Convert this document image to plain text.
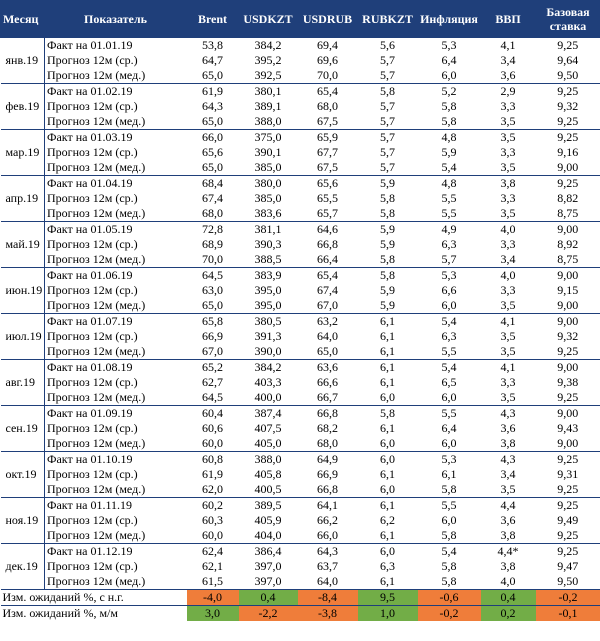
Месяц	Показатель	Brent	USDKZT	USDRUB	RUBKZT	Инфляция	ВВП	Базовая
ставка
янв.19	Факт на 01.01.19	53,8	384,2	69,4	5,6	5,3	4,1	9,25
	Прогноз 12м (ср.)	64,7	395,2	69,6	5,7	6,4	3,4	9,64
	Прогноз 12м (мед.)	65,0	392,5	70,0	5,7	6,0	3,6	9,50
фев.19	Факт на 01.02.19	61,9	380,1	65,4	5,8	5,2	2,9	9,25
	Прогноз 12м (ср.)	64,3	389,1	68,0	5,7	5,8	3,3	9,32
	Прогноз 12м (мед.)	65,0	388,0	67,5	5,7	5,8	3,5	9,25
мар.19	Факт на 01.03.19	66,0	375,0	65,9	5,7	4,8	3,5	9,25
	Прогноз 12м (ср.)	65,6	390,1	67,7	5,7	5,9	3,3	9,16
	Прогноз 12м (мед.)	65,0	385,0	67,5	5,7	5,4	3,5	9,00
апр.19	Факт на 01.04.19	68,4	380,0	65,6	5,9	4,8	3,8	9,25
	Прогноз 12м (ср.)	67,4	385,0	65,5	5,8	5,5	3,3	8,82
	Прогноз 12м (мед.)	68,0	383,6	65,7	5,8	5,5	3,5	8,75
май.19	Факт на 01.05.19	72,8	381,1	64,6	5,9	4,9	4,0	9,00
	Прогноз 12м (ср.)	68,9	390,3	66,8	5,9	6,3	3,3	8,92
	Прогноз 12м (мед.)	70,0	388,5	66,4	5,8	5,7	3,4	8,75
июн.19	Факт на 01.06.19	64,5	383,9	65,4	5,8	5,3	4,0	9,00
	Прогноз 12м (ср.)	63,0	395,0	67,4	5,9	6,6	3,3	9,15
	Прогноз 12м (мед.)	65,0	395,0	67,0	5,9	6,0	3,5	9,00
июл.19	Факт на 01.07.19	65,8	380,5	63,2	6,1	5,4	4,1	9,00
	Прогноз 12м (ср.)	66,9	391,3	64,0	6,1	6,3	3,5	9,32
	Прогноз 12м (мед.)	67,0	390,0	65,0	6,1	5,5	3,5	9,25
авг.19	Факт на 01.08.19	65,2	384,2	63,6	6,1	5,4	4,1	9,00
	Прогноз 12м (ср.)	62,7	403,3	66,6	6,1	6,5	3,3	9,38
	Прогноз 12м (мед.)	64,5	400,0	66,7	6,0	6,0	3,5	9,25
сен.19	Факт на 01.09.19	60,4	387,4	66,8	5,8	5,5	4,3	9,00
	Прогноз 12м (ср.)	60,6	407,5	68,2	6,1	6,4	3,6	9,43
	Прогноз 12м (мед.)	60,0	405,0	68,0	6,0	6,0	3,8	9,00
окт.19	Факт на 01.10.19	60,8	388,0	64,9	6,0	5,3	4,3	9,25
	Прогноз 12м (ср.)	61,9	405,8	66,9	6,1	6,1	3,4	9,31
	Прогноз 12м (мед.)	62,0	400,5	66,8	6,0	5,8	3,5	9,25
ноя.19	Факт на 01.11.19	60,2	389,5	64,1	6,1	5,5	4,4	9,25
	Прогноз 12м (ср.)	60,3	405,9	66,2	6,2	6,0	3,6	9,49
	Прогноз 12м (мед.)	60,0	404,0	66,0	6,1	5,8	3,8	9,25
дек.19	Факт на 01.12.19	62,4	386,4	64,3	6,0	5,4	4,4*	9,25
	Прогноз 12м (ср.)	62,1	397,0	63,7	6,3	5,8	3,8	9,47
	Прогноз 12м (мед.)	61,5	397,0	64,0	6,1	5,8	4,0	9,50
Изм. ожиданий %, с н.г.		-4,0	0,4	-8,4	9,5	-0,6	0,4	-0,2
Изм. ожиданий %, м/м		3,0	-2,2	-3,8	1,0	-0,2	0,2	-0,1
